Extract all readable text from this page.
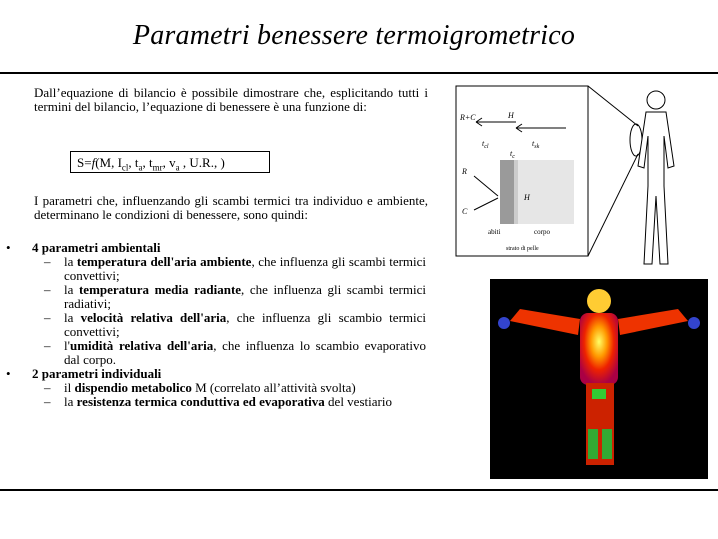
Parametri benessere termoigrometrico
Dall’equazione di bilancio è possibile dimostrare che, esplicitando tutti i termini del bilancio, l’equazione di benessere è una funzione di:
S=f(M, $I_{cl}$, $t_a$, $t_{mr}$, $v_a$ , U.R., )
I parametri che, influenzando gli scambi termici tra individuo e ambiente, determinano le condizioni di benessere, sono quindi:
• 4 parametri ambientali
– la temperatura dell'aria ambiente, che influenza gli scambi termici convettivi;
– la temperatura media radiante, che influenza gli scambi termici radiativi;
– la velocità relativa dell'aria, che influenza gli scambio termici convettivi;
– l'umidità relativa dell'aria, che influenza lo scambio evaporativo dal corpo.
• 2 parametri individuali
– il dispendio metabolico M (correlato all’attività svolta)
– la resistenza termica conduttiva ed evaporativa del vestiario
R+C	H
$t_{cl}$	$t_{sk}$
$t_c$
R
H
C
abiti	corpo
strato di pelle
